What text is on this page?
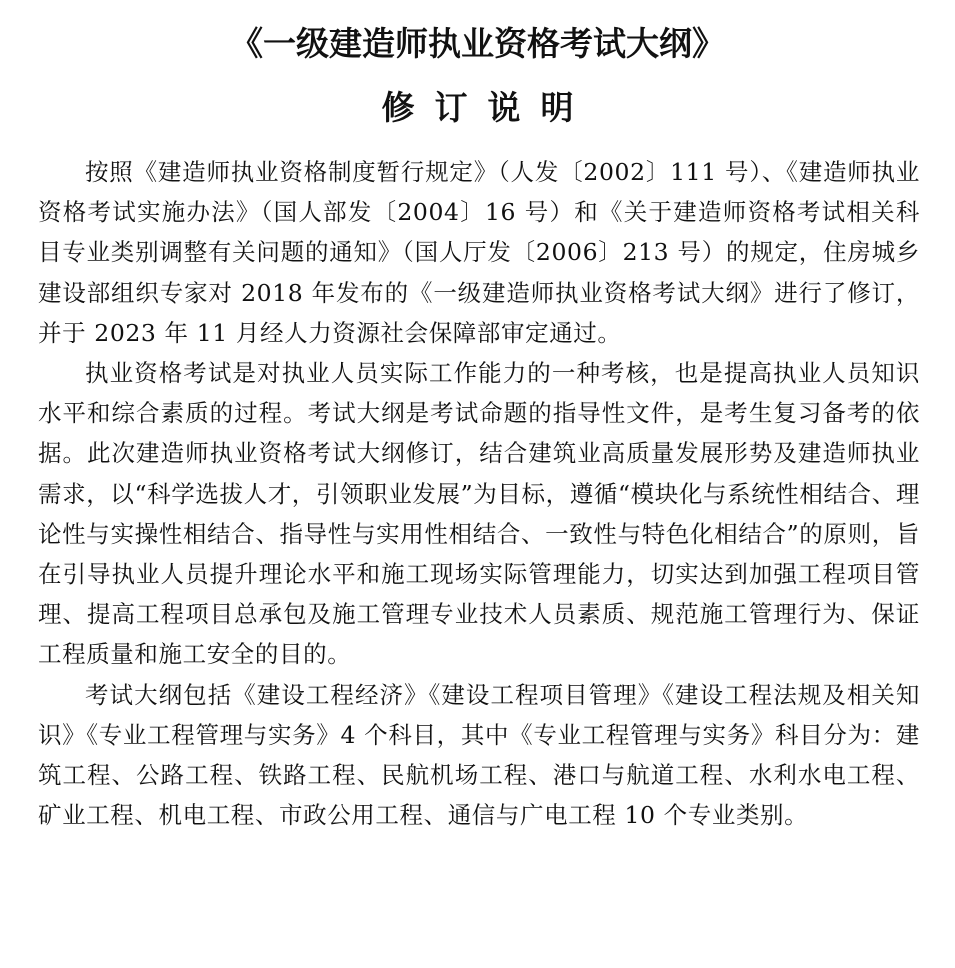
《一级建造师执业资格考试大纲》
修订说明

按照《建造师执业资格制度暂行规定》（人发〔2002〕111 号）、《建造师执业资格考试实施办法》（国人部发〔2004〕16 号）和《关于建造师资格考试相关科目专业类别调整有关问题的通知》（国人厅发〔2006〕213 号）的规定，住房城乡建设部组织专家对 2018 年发布的《一级建造师执业资格考试大纲》进行了修订，并于 2023 年 11 月经人力资源社会保障部审定通过。

执业资格考试是对执业人员实际工作能力的一种考核，也是提高执业人员知识水平和综合素质的过程。考试大纲是考试命题的指导性文件，是考生复习备考的依据。此次建造师执业资格考试大纲修订，结合建筑业高质量发展形势及建造师执业需求，以“科学选拔人才，引领职业发展”为目标，遵循“模块化与系统性相结合、理论性与实操性相结合、指导性与实用性相结合、一致性与特色化相结合”的原则，旨在引导执业人员提升理论水平和施工现场实际管理能力，切实达到加强工程项目管理、提高工程项目总承包及施工管理专业技术人员素质、规范施工管理行为、保证工程质量和施工安全的目的。

考试大纲包括《建设工程经济》《建设工程项目管理》《建设工程法规及相关知识》《专业工程管理与实务》4 个科目，其中《专业工程管理与实务》科目分为：建筑工程、公路工程、铁路工程、民航机场工程、港口与航道工程、水利水电工程、矿业工程、机电工程、市政公用工程、通信与广电工程 10 个专业类别。
